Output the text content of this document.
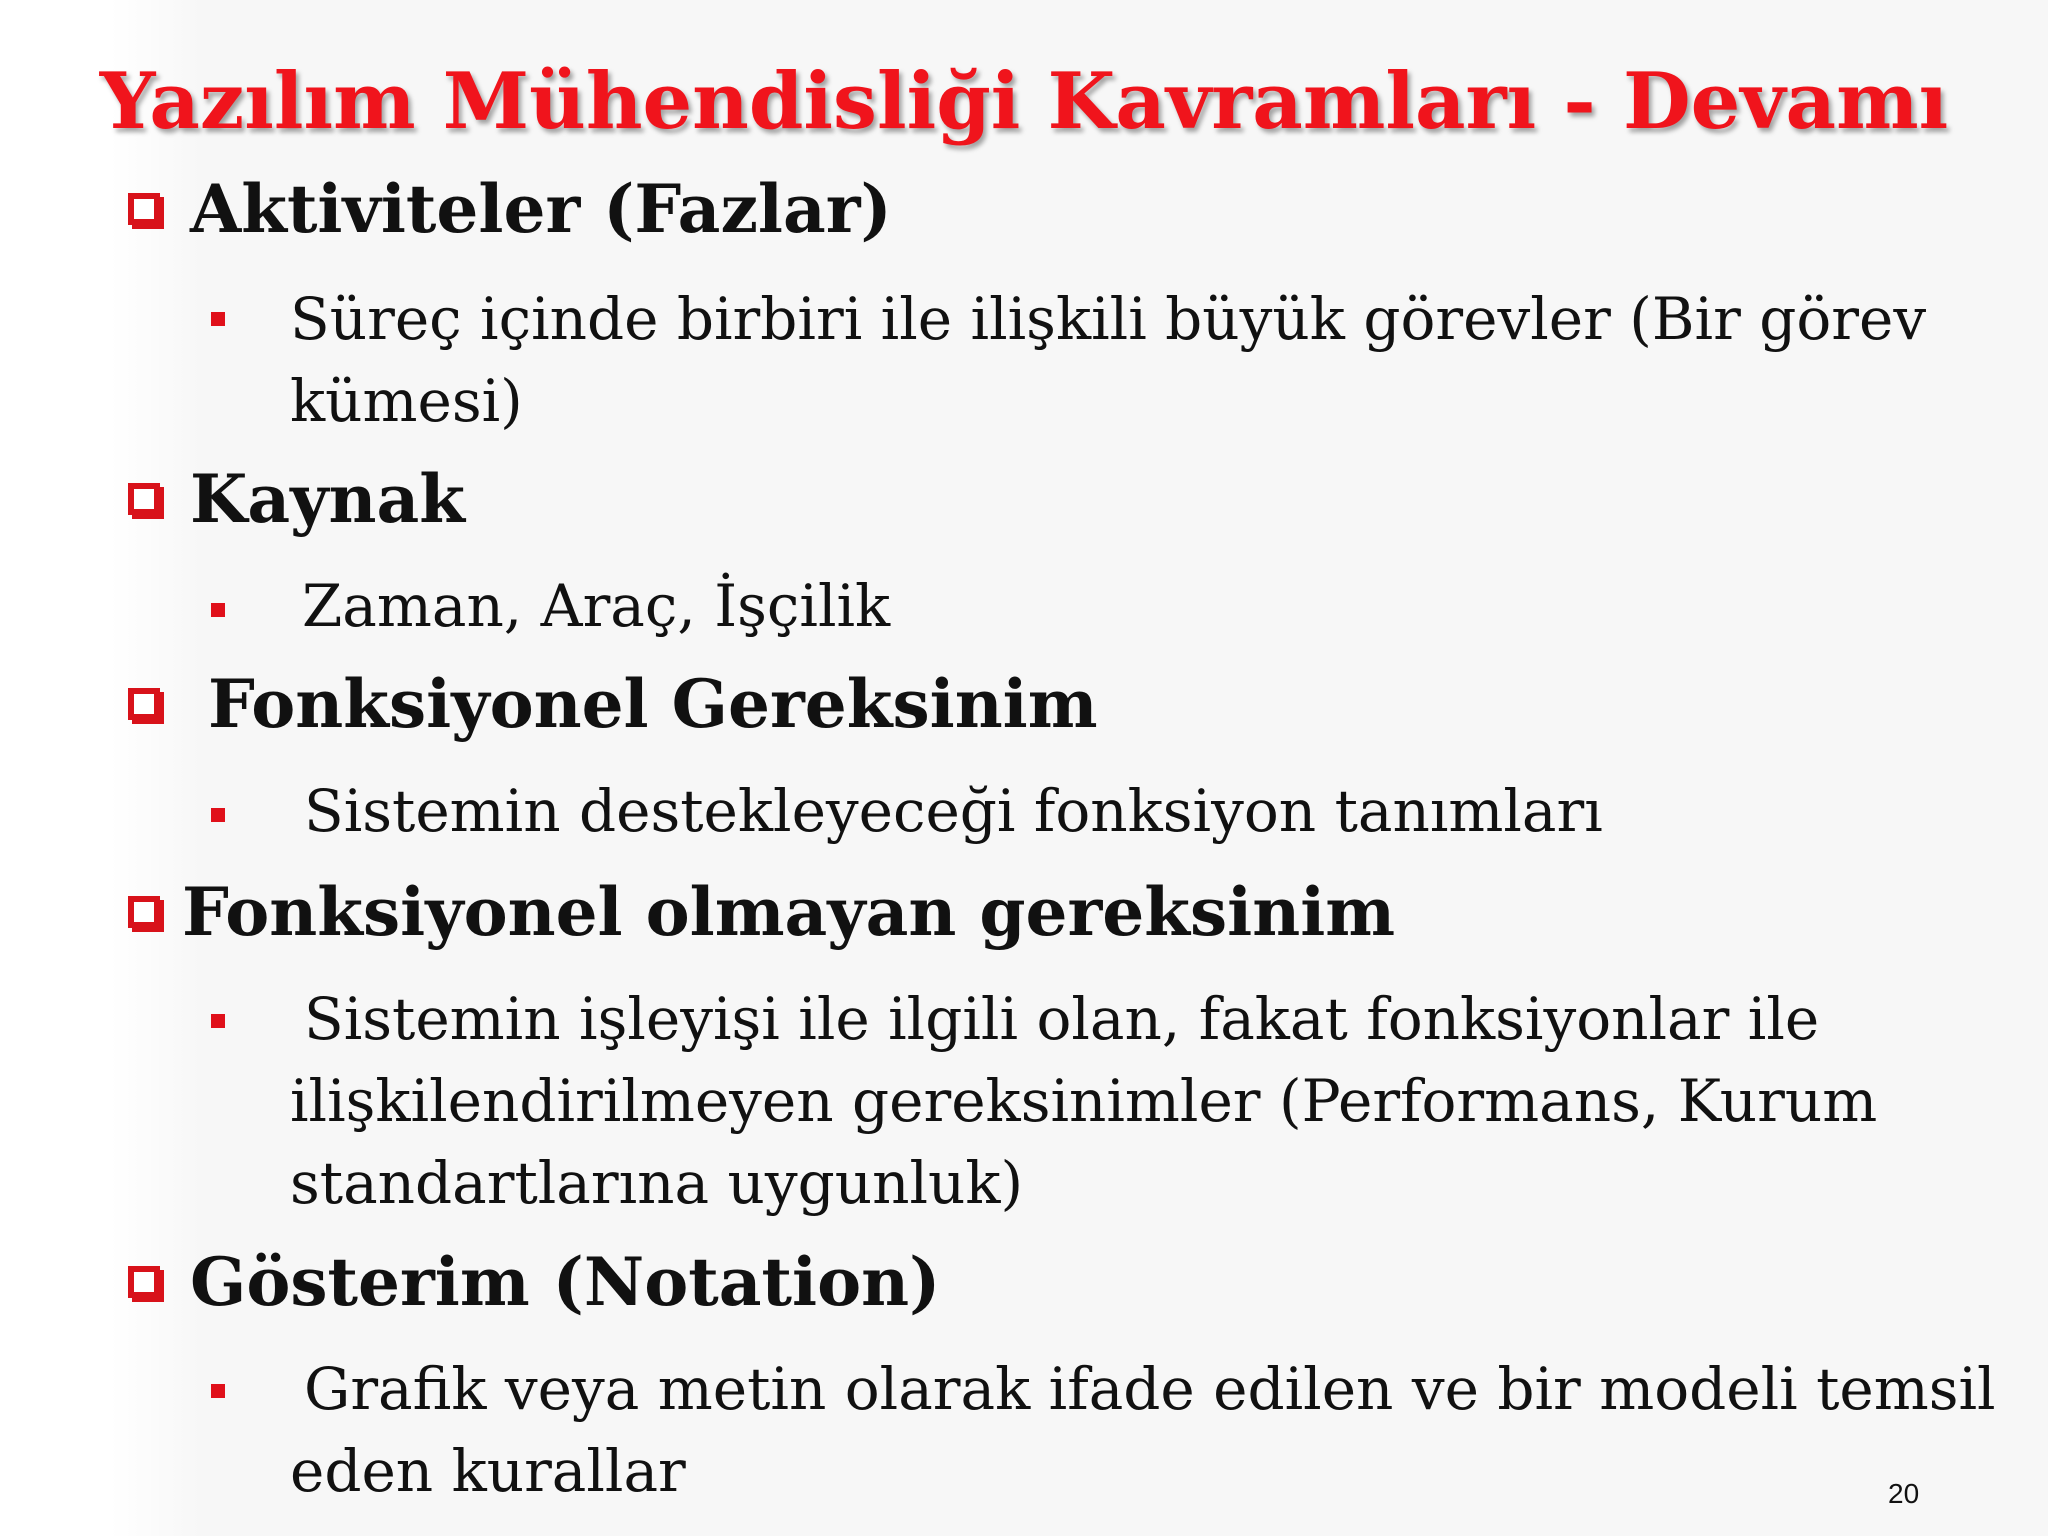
Yazılım Mühendisliği Kavramları - Devamı
Aktiviteler (Fazlar)
Süreç içinde birbiri ile ilişkili büyük görevler (Bir görev
kümesi)
Kaynak
Zaman, Araç, İşçilik
Fonksiyonel Gereksinim
Sistemin destekleyeceği fonksiyon tanımları
Fonksiyonel olmayan gereksinim
Sistemin işleyişi ile ilgili olan, fakat fonksiyonlar ile
ilişkilendirilmeyen gereksinimler (Performans, Kurum
standartlarına uygunluk)
Gösterim (Notation)
Grafik veya metin olarak ifade edilen ve bir modeli temsil
eden kurallar	20
